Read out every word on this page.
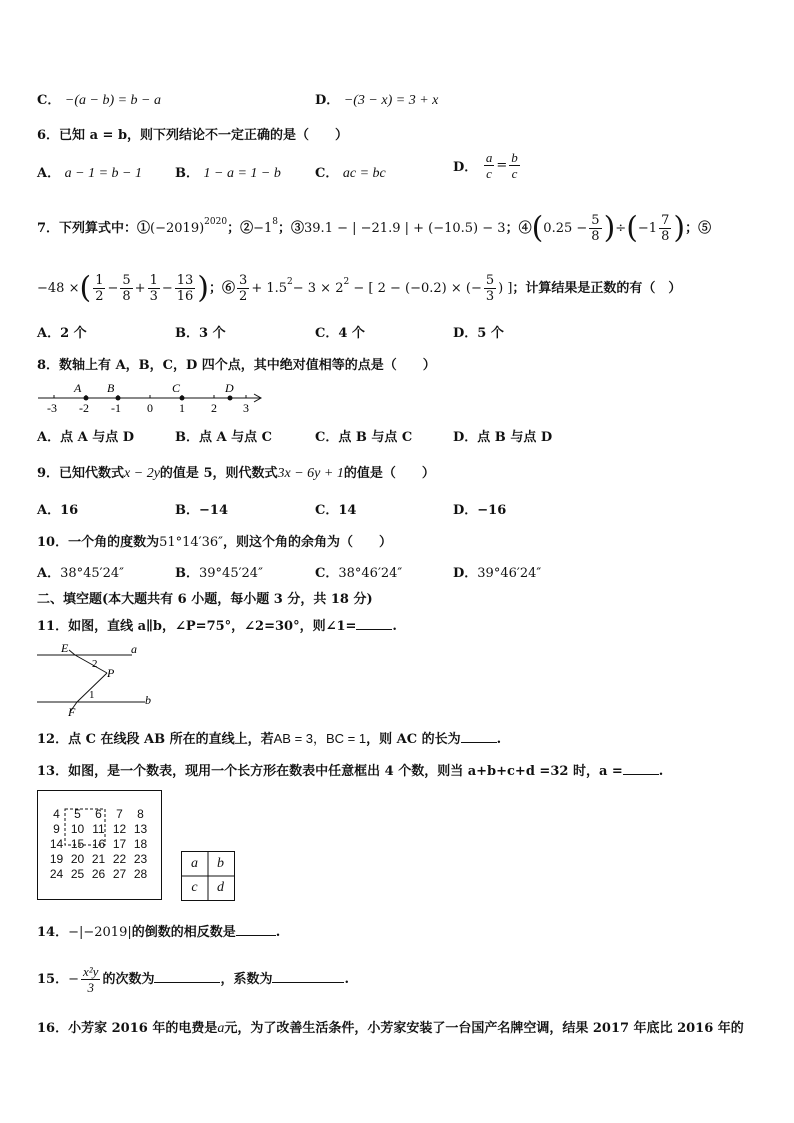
C． −(a − b) = b − a	D． −(3 − x) = 3 + x
6．已知 a = b，则下列结论不一定正确的是（　　）
A． a − 1 = b − 1	B． 1 − a = 1 − b	C． ac = bc	D． $\frac{a}{c} = \frac{b}{c}$
7．下列算式中：$①(-2019)^{2020}$；$②-1^8$；③39.1 − | −21.9 | + (−10.5) − 3；④(0.25 − $\frac{5}{8} )\div(-1 \frac{7}{8}$ )；⑤
−48 ×( $\frac{1}{2} - \frac{5}{8} + \frac{1}{3} - \frac{13}{16}$ )；⑥ $\frac{3}{2} + 1.5^2- 3 \times 2^2$ − [ 2 − (−0.2) × (− $\frac{5}{3}$ ) ]；计算结果是正数的有（　）
A．2 个	B．3 个	C．4 个	D．5 个
8．数轴上有 A，B，C，D 四个点，其中绝对值相等的点是（　　）
-3 -2 -1 0 1 2 3
A B	C	D
A．点 A 与点 D	B．点 A 与点 C	C．点 B 与点 C	D．点 B 与点 D
9．已知代数式x − 2y的值是 5，则代数式3x − 6y + 1的值是（　　）
A．16	B．−14	C．14	D．−16
10．一个角的度数为51°14′36″，则这个角的余角为（　　）
A．38°45′24″	B．39°45′24″	C．38°46′24″	D．39°46′24″
二、填空题(本大题共有 6 小题，每小题 3 分，共 18 分)
11．如图，直线 a∥b，∠P=75°，∠2=30°，则∠1=	.
E	a
2
P
1	b
F
12．点 C 在线段 AB 所在的直线上，若AB = 3，BC = 1，则 AC 的长为	.
13．如图，是一个数表，现用一个长方形在数表中任意框出 4 个数，则当 a+b+c+d =32 时，a =	.
4	5	6	7	8
9 10 11 12 13
14 15 16 17 18
19 20 21 22 23
24 25 26 27 28
a	b
c	d
14．−|−2019|的倒数的相反数是	.
15．− $\frac{\text{x²y}}{3}$ 的次数为	，系数为	.
16．小芳家 2016 年的电费是a元，为了改善生活条件，小芳家安装了一台国产名牌空调，结果 2017 年底比 2016 年的
